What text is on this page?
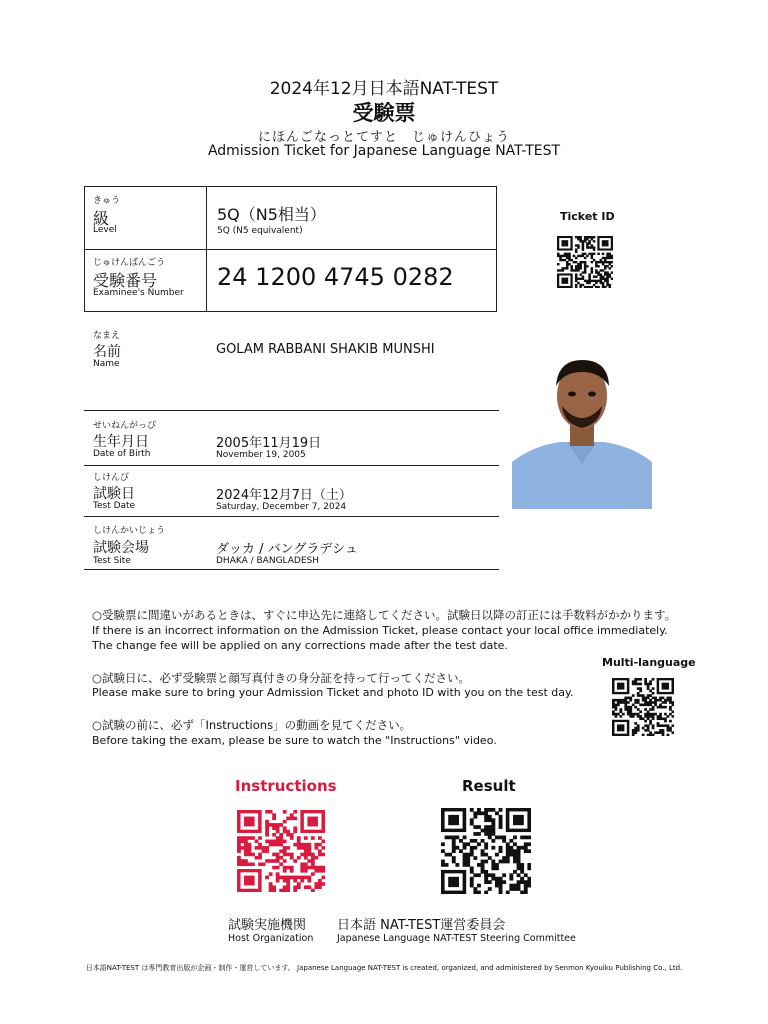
2024年12月日本語NAT-TEST
受験票
にほんごなっとてすと　じゅけんひょう
Admission Ticket for Japanese Language NAT-TEST
きゅう
級
Level
5Q（N5相当）
5Q (N5 equivalent)
じゅけんばんごう
受験番号
Examinee's Number
24 1200 4745 0282
Ticket ID
なまえ
名前
Name
GOLAM RABBANI SHAKIB MUNSHI
せいねんがっぴ
生年月日
Date of Birth
2005年11月19日
November 19, 2005
しけんび
試験日
Test Date
2024年12月7日（土）
Saturday, December 7, 2024
しけんかいじょう
試験会場
Test Site
ダッカ / バングラデシュ
DHAKA / BANGLADESH
○受験票に間違いがあるときは、すぐに申込先に連絡してください。試験日以降の訂正には手数料がかかります。
If there is an incorrect information on the Admission Ticket, please contact your local office immediately.
The change fee will be applied on any corrections made after the test date.
○試験日に、必ず受験票と顔写真付きの身分証を持って行ってください。
Please make sure to bring your Admission Ticket and photo ID with you on the test day.
○試験の前に、必ず「Instructions」の動画を見てください。
Before taking the exam, please be sure to watch the "Instructions" video.
Multi-language
Instructions	Result
試験実施機関
Host Organization
日本語 NAT-TEST運営委員会
Japanese Language NAT-TEST Steering Committee
日本語NAT-TEST は専門教育出版が企画・制作・運営しています。 Japanese Language NAT-TEST is created, organized, and administered by Senmon Kyouiku Publishing Co., Ltd.
